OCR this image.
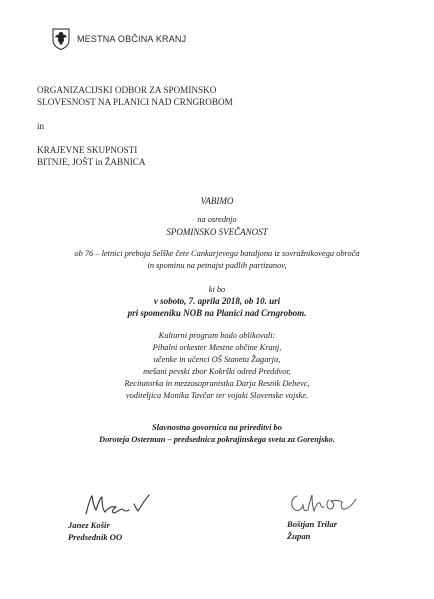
MESTNA OBČINA KRANJ
ORGANIZACIJSKI ODBOR ZA SPOMINSKO
SLOVESNOST NA PLANICI NAD CRNGROBOM
in
KRAJEVNE SKUPNOSTI
BITNJE, JOŠT in ŽABNICA
VABIMO
na osrednjo
SPOMINSKO SVEČANOST
ob 76 – letnici preboja Selške čete Cankarjevega bataljona iz sovražnikovega obroča
in spominu na petnajst padlih partizanov,
ki bo
v soboto, 7. aprila 2018, ob 10. uri
pri spomeniku NOB na Planici nad Crngrobom.
Kulturni program bodo oblikovali:
Pihalni orkester Mestne občine Kranj,
učenke in učenci OŠ Staneta Žagarja,
mešani pevski zbor Kokrški odred Preddvor,
Recitatorka in mezzosopranistka Darja Resnik Debevc,
voditeljica Monika Tavčar ter vojaki Slovenske vojske.
Slavnostna govornica na prireditvi bo
Doroteja Osterman – predsednica pokrajinskega sveta za Gorenjsko.
Janez Košir
Predsednik OO
Boštjan Trilar
Župan
